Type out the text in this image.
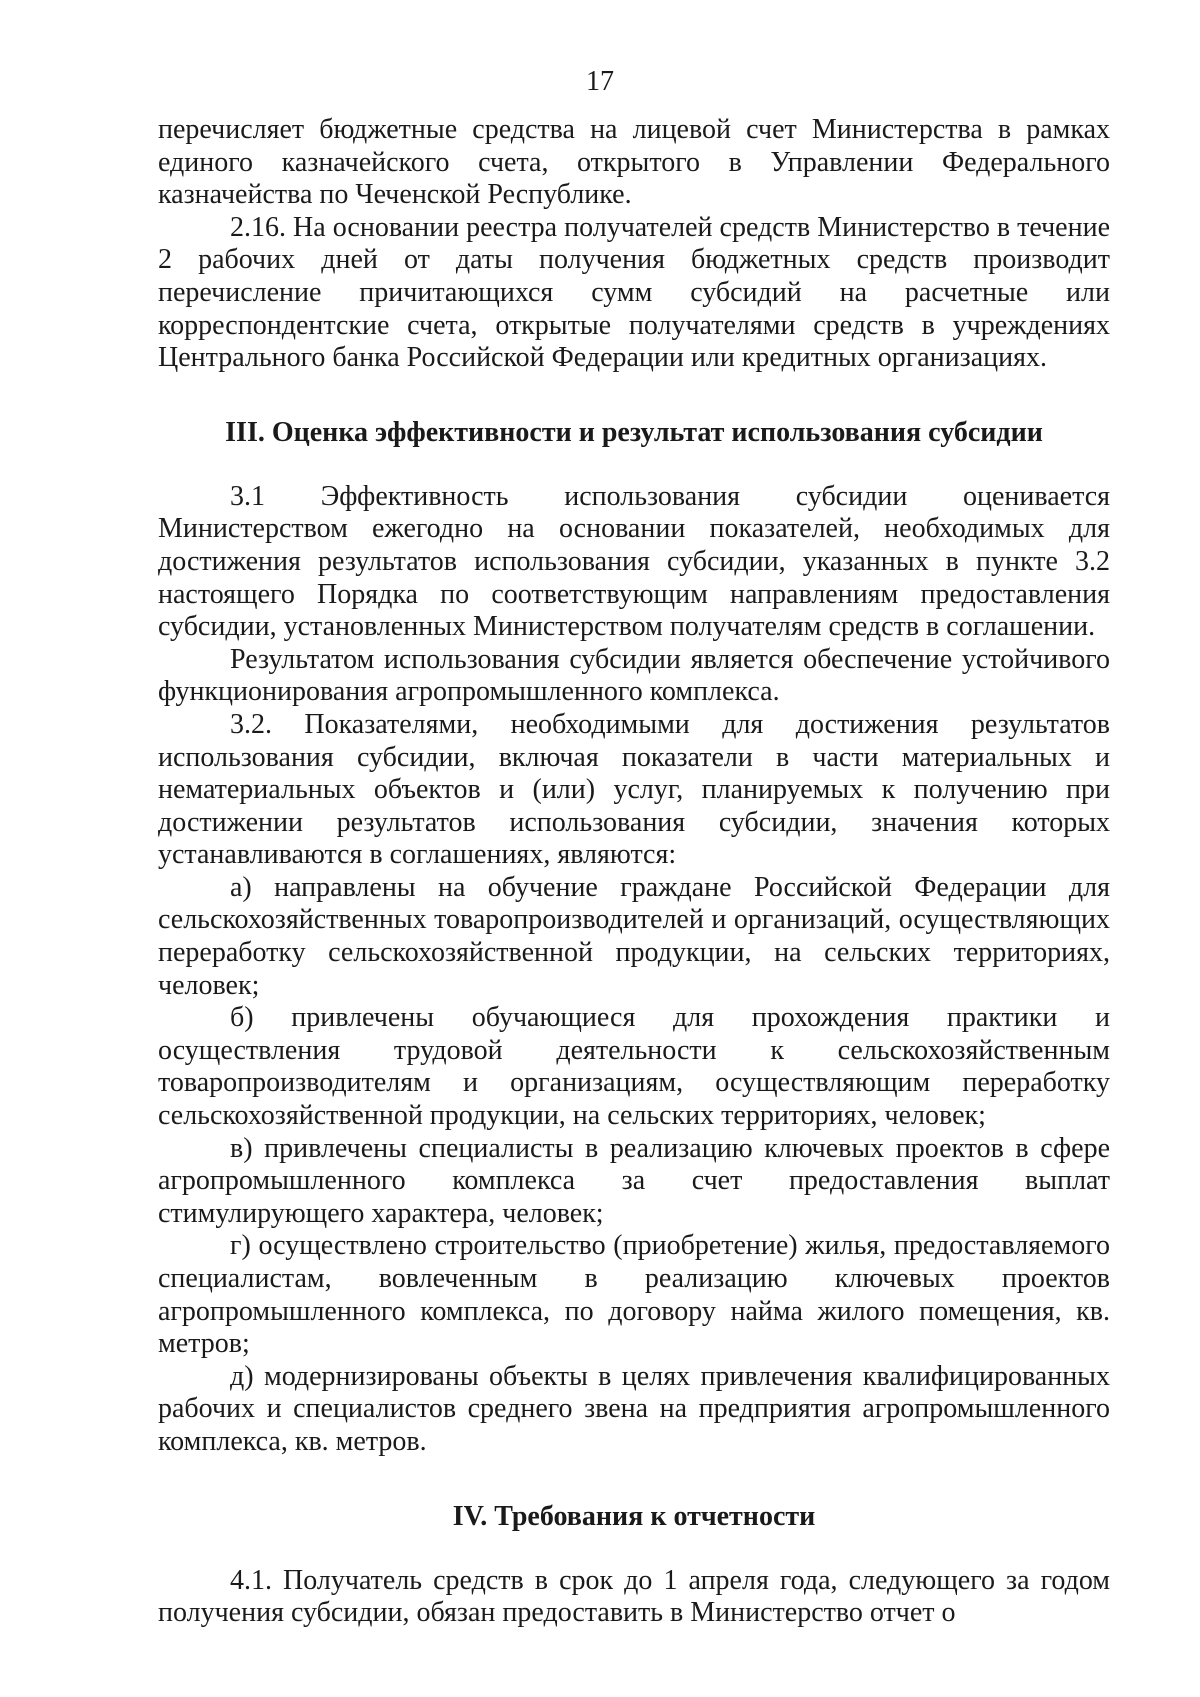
17

перечисляет бюджетные средства на лицевой счет Министерства в рамках единого казначейского счета, открытого в Управлении Федерального казначейства по Чеченской Республике.

2.16. На основании реестра получателей средств Министерство в течение 2 рабочих дней от даты получения бюджетных средств производит перечисление причитающихся сумм субсидий на расчетные или корреспондентские счета, открытые получателями средств в учреждениях Центрального банка Российской Федерации или кредитных организациях.

III. Оценка эффективности и результат использования субсидии

3.1 Эффективность использования субсидии оценивается Министерством ежегодно на основании показателей, необходимых для достижения результатов использования субсидии, указанных в пункте 3.2 настоящего Порядка по соответствующим направлениям предоставления субсидии, установленных Министерством получателям средств в соглашении.

Результатом использования субсидии является обеспечение устойчивого функционирования агропромышленного комплекса.

3.2. Показателями, необходимыми для достижения результатов использования субсидии, включая показатели в части материальных и нематериальных объектов и (или) услуг, планируемых к получению при достижении результатов использования субсидии, значения которых устанавливаются в соглашениях, являются:

а) направлены на обучение граждане Российской Федерации для сельскохозяйственных товаропроизводителей и организаций, осуществляющих переработку сельскохозяйственной продукции, на сельских территориях, человек;

б) привлечены обучающиеся для прохождения практики и осуществления трудовой деятельности к сельскохозяйственным товаропроизводителям и организациям, осуществляющим переработку сельскохозяйственной продукции, на сельских территориях, человек;

в) привлечены специалисты в реализацию ключевых проектов в сфере агропромышленного комплекса за счет предоставления выплат стимулирующего характера, человек;

г) осуществлено строительство (приобретение) жилья, предоставляемого специалистам, вовлеченным в реализацию ключевых проектов агропромышленного комплекса, по договору найма жилого помещения, кв. метров;

д) модернизированы объекты в целях привлечения квалифицированных рабочих и специалистов среднего звена на предприятия агропромышленного комплекса, кв. метров.

IV. Требования к отчетности

4.1. Получатель средств в срок до 1 апреля года, следующего за годом получения субсидии, обязан предоставить в Министерство отчет о
